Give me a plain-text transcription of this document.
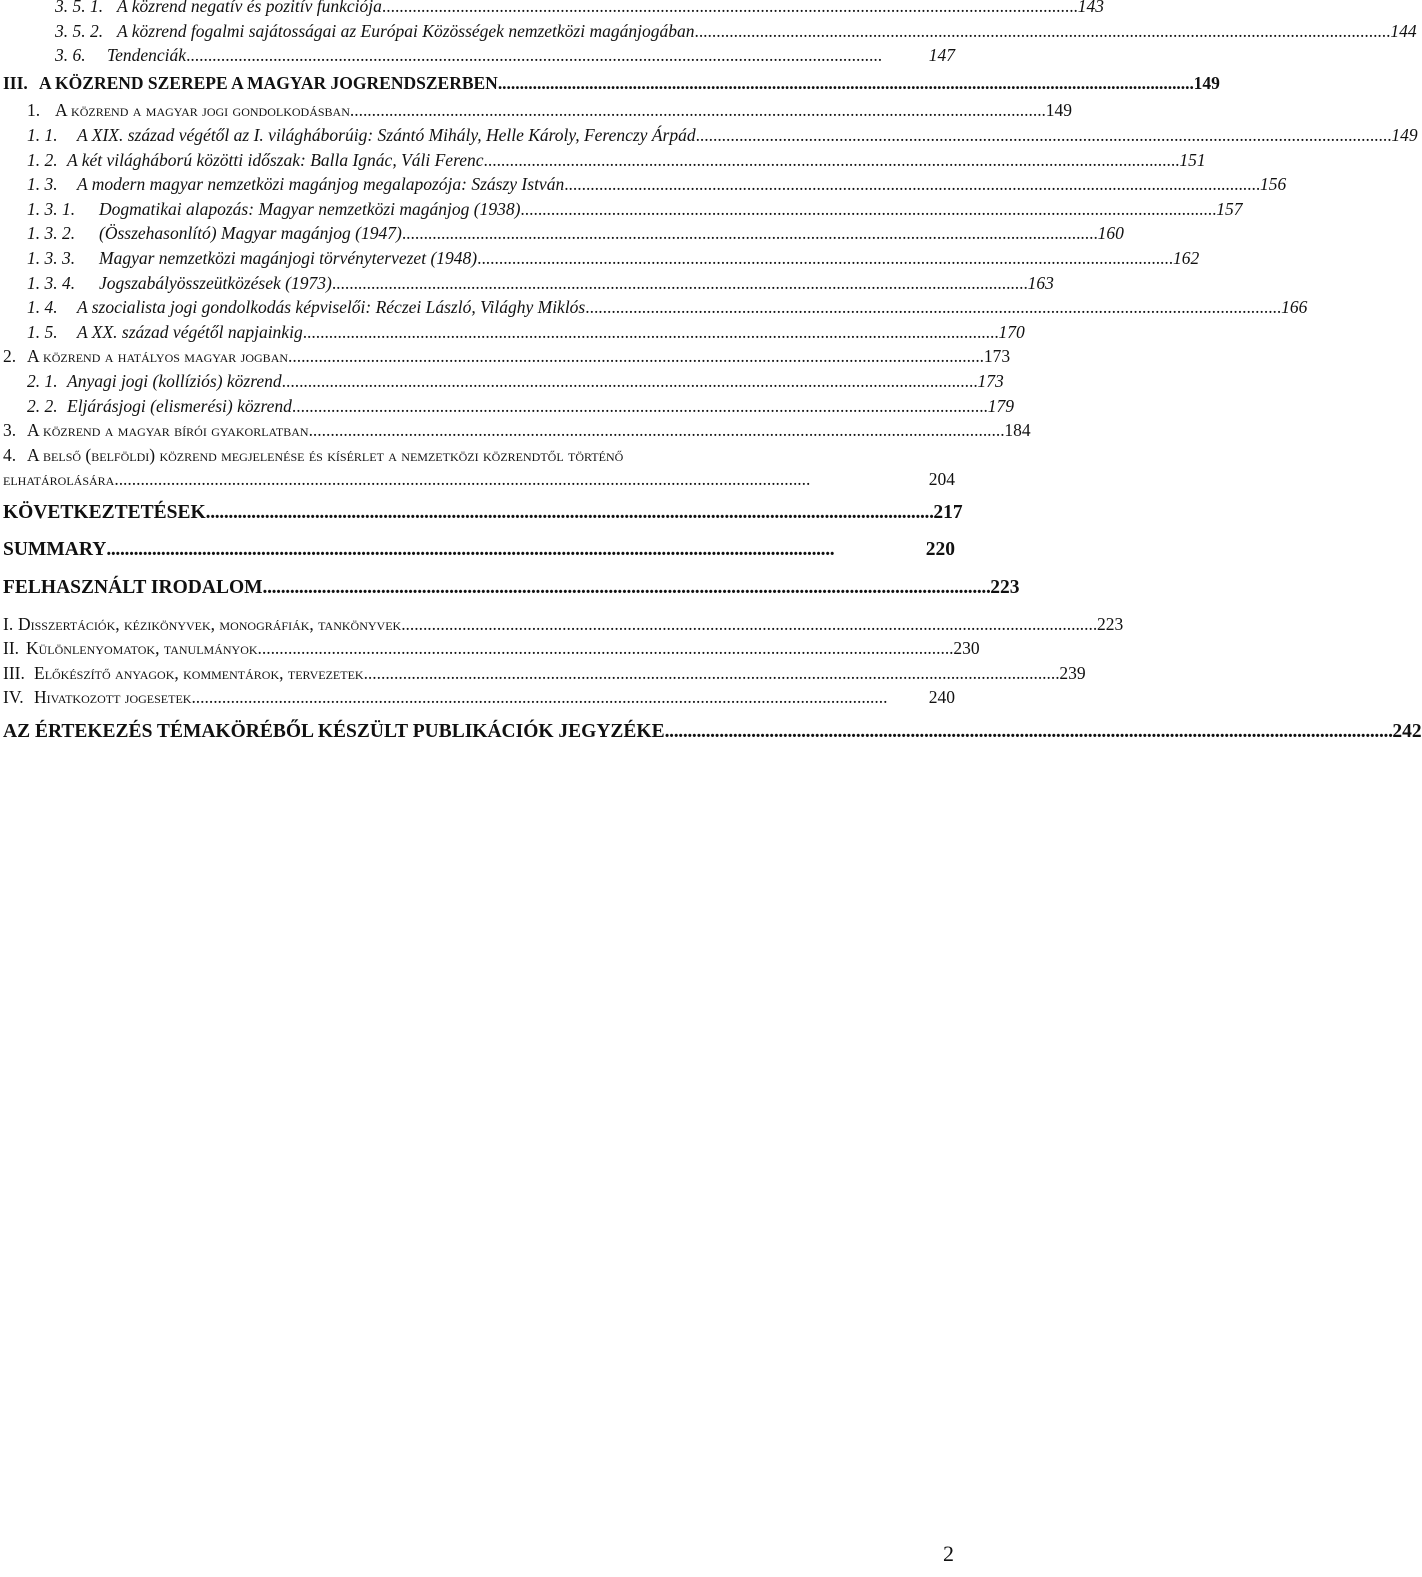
3. 5. 1. A közrend negatív és pozitív funkciója . . .	143
3. 5. 2. A közrend fogalmi sajátosságai az Európai Közösségek nemzetközi magánjogában . . .	144
3. 6.	Tendenciák . . .	147
III. A KÖZREND SZEREPE A MAGYAR JOGRENDSZERBEN . . .	149
1. A közrend a magyar jogi gondolkodásban . . .	149
1. 1.	A XIX. század végétől az I. világháborúig: Szántó Mihály, Helle Károly, Ferenczy Árpád . . .	149
1. 2. A két világháború közötti időszak: Balla Ignác, Váli Ferenc . . .	151
1. 3.	A modern magyar nemzetközi magánjog megalapozója: Szászy István . . .	156
1. 3. 1.	Dogmatikai alapozás: Magyar nemzetközi magánjog (1938) . . .	157
1. 3. 2.	(Összehasonlító) Magyar magánjog (1947) . . .	160
1. 3. 3.	Magyar nemzetközi magánjogi törvénytervezet (1948) . . .	162
1. 3. 4.	Jogszabályösszeütközések (1973) . . .	163
1. 4.	A szocialista jogi gondolkodás képviselői: Réczei László, Világhy Miklós . . .	166
1. 5.	A XX. század végétől napjainkig . . .	170
2. A közrend a hatályos magyar jogban . . .	173
2. 1. Anyagi jogi (kollíziós) közrend . . .	173
2. 2. Eljárásjogi (elismerési) közrend . . .	179
3. A közrend a magyar bírói gyakorlatban . . .	184
4. A belső (belföldi) közrend megjelenése és kísérlet a nemzetközi közrendtől történő
elhatárolására . . .	204
KÖVETKEZTETÉSEK . . .	217
SUMMARY . . .	220
FELHASZNÁLT IRODALOM . . .	223
I. Disszertációk, kézikönyvek, monográfiák, tankönyvek . . .	223
II. Különlenyomatok, tanulmányok . . .	230
III. Előkészítő anyagok, kommentárok, tervezetek . . .	239
IV. Hivatkozott jogesetek . . .	240
AZ ÉRTEKEZÉS TÉMAKÖRÉBŐL KÉSZÜLT PUBLIKÁCIÓK JEGYZÉKE . . .	242
2
